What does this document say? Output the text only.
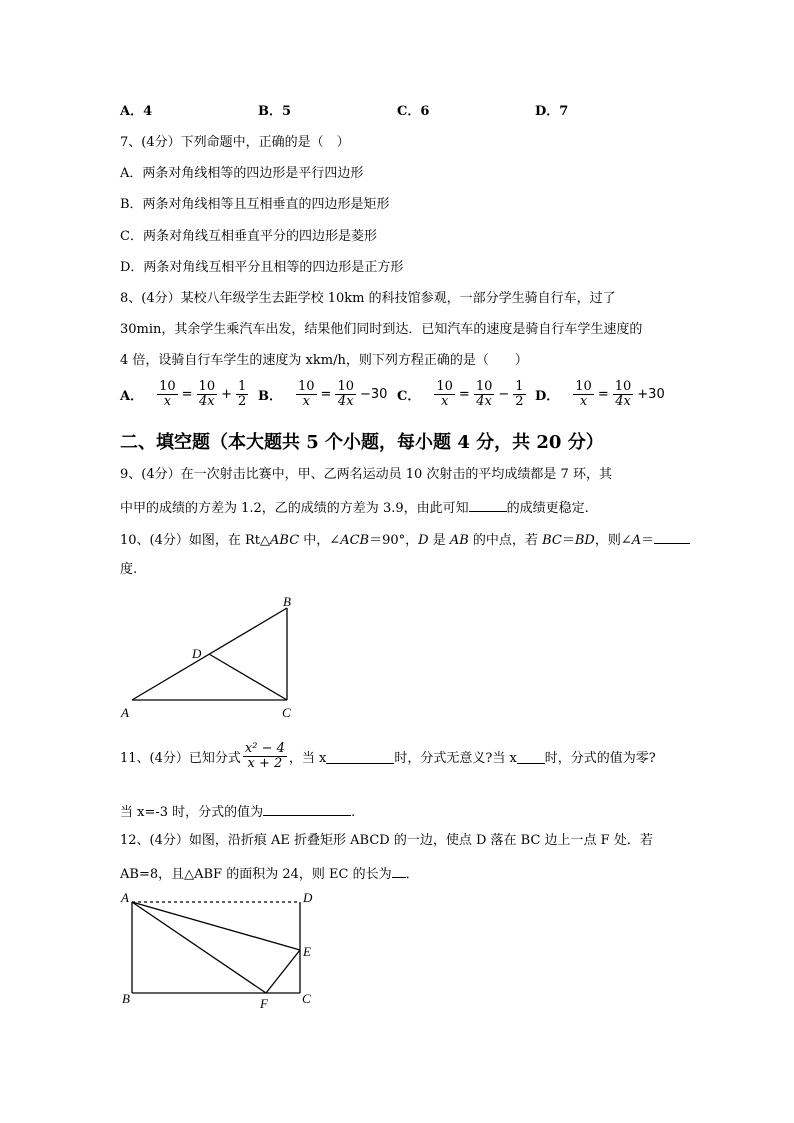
A．4	B．5	C．6	D．7
7、(4分）下列命题中，正确的是（　）
A．两条对角线相等的四边形是平行四边形
B．两条对角线相等且互相垂直的四边形是矩形
C．两条对角线互相垂直平分的四边形是菱形
D．两条对角线互相平分且相等的四边形是正方形
8、(4分）某校八年级学生去距学校 10km 的科技馆参观，一部分学生骑自行车，过了
30min，其余学生乘汽车出发，结果他们同时到达．已知汽车的速度是骑自行车学生速度的
4 倍，设骑自行车学生的速度为 xkm/h，则下列方程正确的是（　　）
A． $\frac{10}{x} = \frac{10}{4x} + \frac{1}{2}$ B． $\frac{10}{x} = \frac{10}{4x} -30$ C． $\frac{10}{x} = \frac{10}{4x} - \frac{1}{2}$ D． $\frac{10}{x} = \frac{10}{4x} +30$
二、填空题（本大题共 5 个小题，每小题 4 分，共 20 分）
9、(4分）在一次射击比赛中，甲、乙两名运动员 10 次射击的平均成绩都是 7 环，其
中甲的成绩的方差为 1.2，乙的成绩的方差为 3.9，由此可知	的成绩更稳定.
10、(4分）如图，在 Rt△ABC 中，∠ACB＝90°，D 是 AB 的中点，若 BC＝BD，则∠A＝
度.
A
B
C
D
11、(4分）已知分式 $\frac{\text{x² − 4}}{x + 2}$ ，当 x	时，分式无意义?当 x 时，分式的值为零?
当 x=-3 时，分式的值为	.
12、(4分）如图，沿折痕 AE 折叠矩形 ABCD 的一边，使点 D 落在 BC 边上一点 F 处．若
AB=8，且△ABF 的面积为 24，则 EC 的长为 ．
A
B	C
D
E
F
